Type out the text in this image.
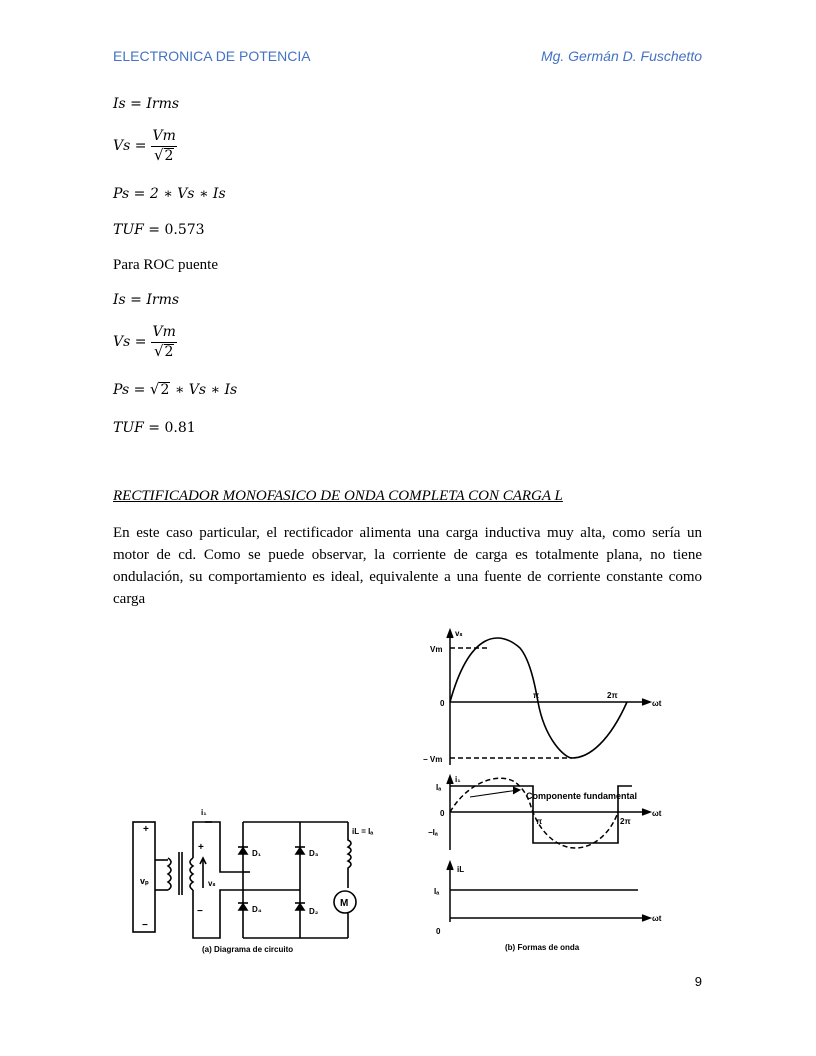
ELECTRONICA DE POTENCIA	Mg. Germán D. Fuschetto
Is = Irms
$Vs = \frac{Vm}{√ 2}$
Ps = 2 ∗ Vs ∗ Is
TUF = 0.573
Para ROC puente
Is = Irms
$Vs = \frac{Vm}{√ 2}$
Ps = √ 2
∗ Vs ∗ Is
TUF = 0.81
RECTIFICADOR MONOFASICO DE ONDA COMPLETA CON CARGA L
En este caso particular, el rectificador alimenta una carga inductiva muy alta, como sería un motor de cd. Como se puede observar, la corriente de carga es totalmente plana, no tiene ondulación, su comportamiento es ideal, equivalente a una fuente de corriente constante como carga
vₚ
+
−
+
−
vₛ
i₁
D₁
D₄
D₃
D₂
M
iL = Iₐ
(a) Diagrama de circuito
vₛ
Vm
0
− Vm
π	2π
ωt
i₁
Componente fundamental
Iₐ
0
−Iₐ
π	2π
ωt
iL
Iₐ
0
ωt
(b) Formas de onda
9
